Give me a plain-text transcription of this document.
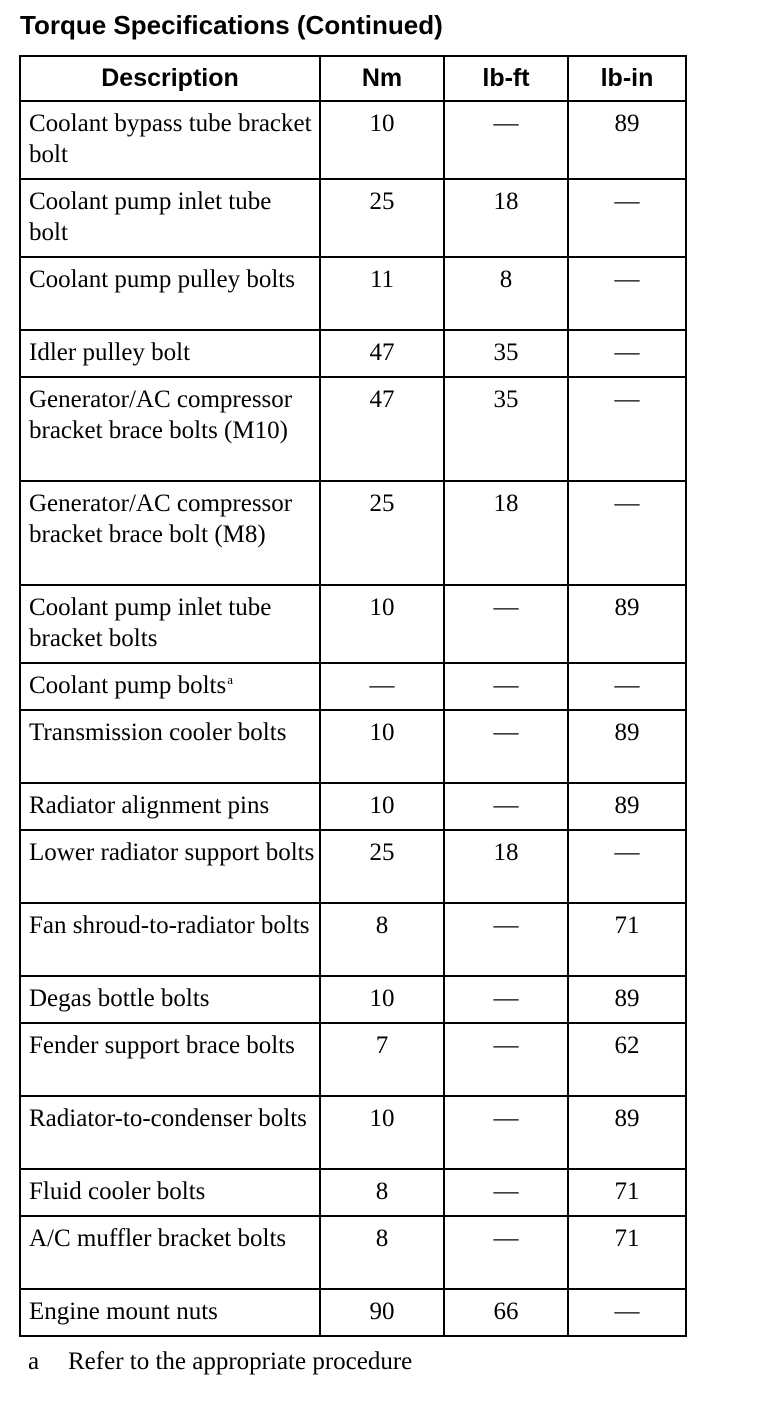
Torque Specifications (Continued)
Description	Nm	lb-ft	lb-in
Coolant bypass tube bracket bolt	10	—	89
Coolant pump inlet tube bolt	25	18	—
Coolant pump pulley bolts	11	8	—
Idler pulley bolt	47	35	—
Generator/AC compressor bracket brace bolts (M10)	47	35	—
Generator/AC compressor bracket brace bolt (M8)	25	18	—
Coolant pump inlet tube bracket bolts	10	—	89
Coolant pump bolts$^a$	—	—	—
Transmission cooler bolts	10	—	89
Radiator alignment pins	10	—	89
Lower radiator support bolts	25	18	—
Fan shroud-to-radiator bolts	8	—	71
Degas bottle bolts	10	—	89
Fender support brace bolts	7	—	62
Radiator-to-condenser bolts	10	—	89
Fluid cooler bolts	8	—	71
A/C muffler bracket bolts	8	—	71
Engine mount nuts	90	66	—

a Refer to the appropriate procedure
